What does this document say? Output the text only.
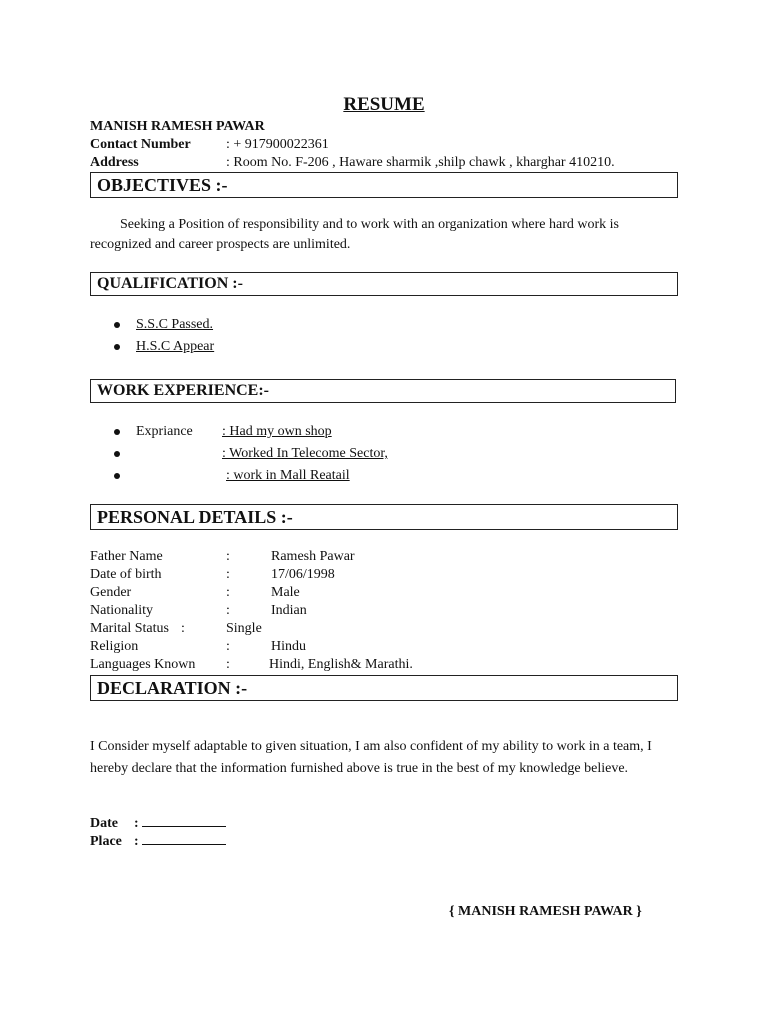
RESUME
MANISH RAMESH PAWAR
Contact Number	: + 917900022361
Address	: Room No. F-206 , Haware sharmik ,shilp chawk , kharghar 410210.
OBJECTIVES :-
Seeking a Position of responsibility and to work with an organization where hard work is recognized and career prospects are unlimited.
QUALIFICATION :-
S.S.C Passed.
H.S.C Appear
WORK EXPERIENCE:-
Expriance : Had my own shop
: Worked In Telecome Sector,
: work in Mall Reatail
PERSONAL DETAILS :-
Father Name	:	Ramesh Pawar
Date of birth	:	17/06/1998
Gender	:	Male
Nationality	:	Indian
Marital Status :	Single
Religion	:	Hindu
Languages Known :	Hindi, English& Marathi.
DECLARATION :-
I Consider myself adaptable to given situation, I am also confident of my ability to work in a team, I hereby declare that the information furnished above is true in the best of my knowledge believe.
Date :
Place :
{ MANISH RAMESH PAWAR }
